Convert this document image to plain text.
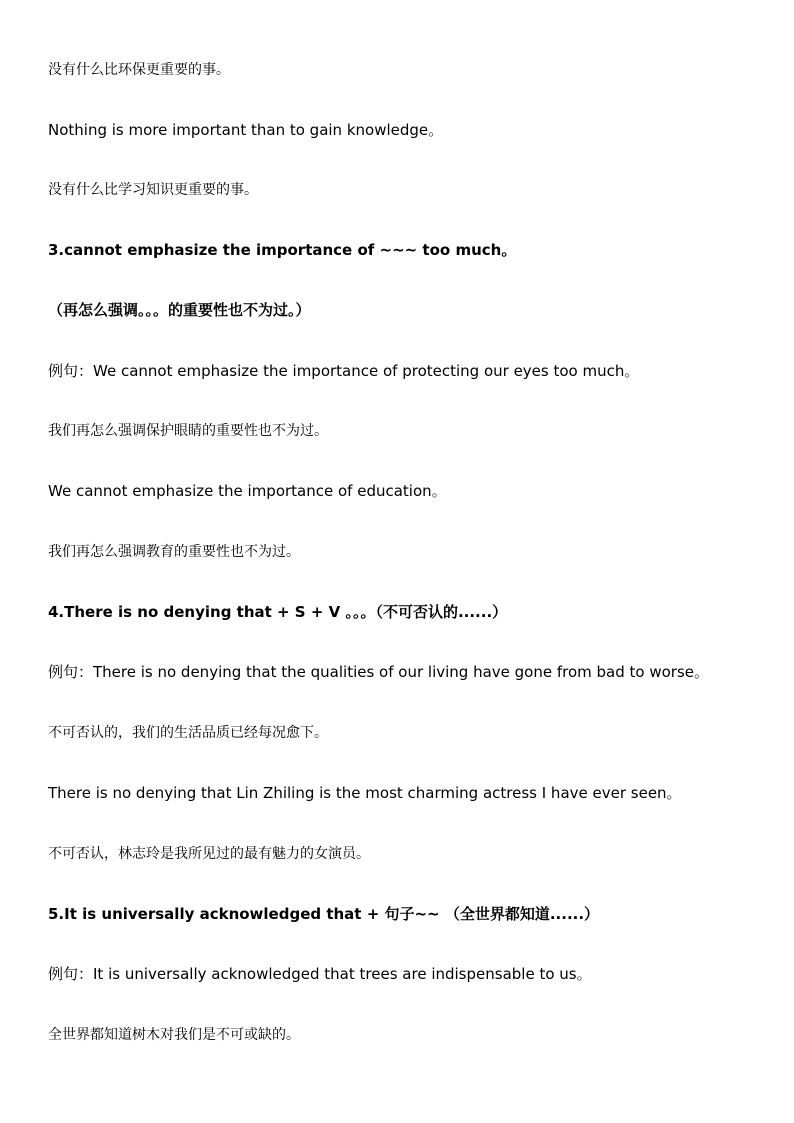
没有什么比环保更重要的事。
Nothing is more important than to gain knowledge。
没有什么比学习知识更重要的事。
3.cannot emphasize the importance of ~~~ too much。
（再怎么强调。。。的重要性也不为过。）
例句：We cannot emphasize the importance of protecting our eyes too much。
我们再怎么强调保护眼睛的重要性也不为过。
We cannot emphasize the importance of education。
我们再怎么强调教育的重要性也不为过。
4.There is no denying that + S + V 。。。（不可否认的......）
例句：There is no denying that the qualities of our living have gone from bad to worse。
不可否认的，我们的生活品质已经每况愈下。
There is no denying that Lin Zhiling is the most charming actress I have ever seen。
不可否认，林志玲是我所见过的最有魅力的女演员。
5.It is universally acknowledged that + 句子~~ （全世界都知道......）
例句：It is universally acknowledged that trees are indispensable to us。
全世界都知道树木对我们是不可或缺的。
